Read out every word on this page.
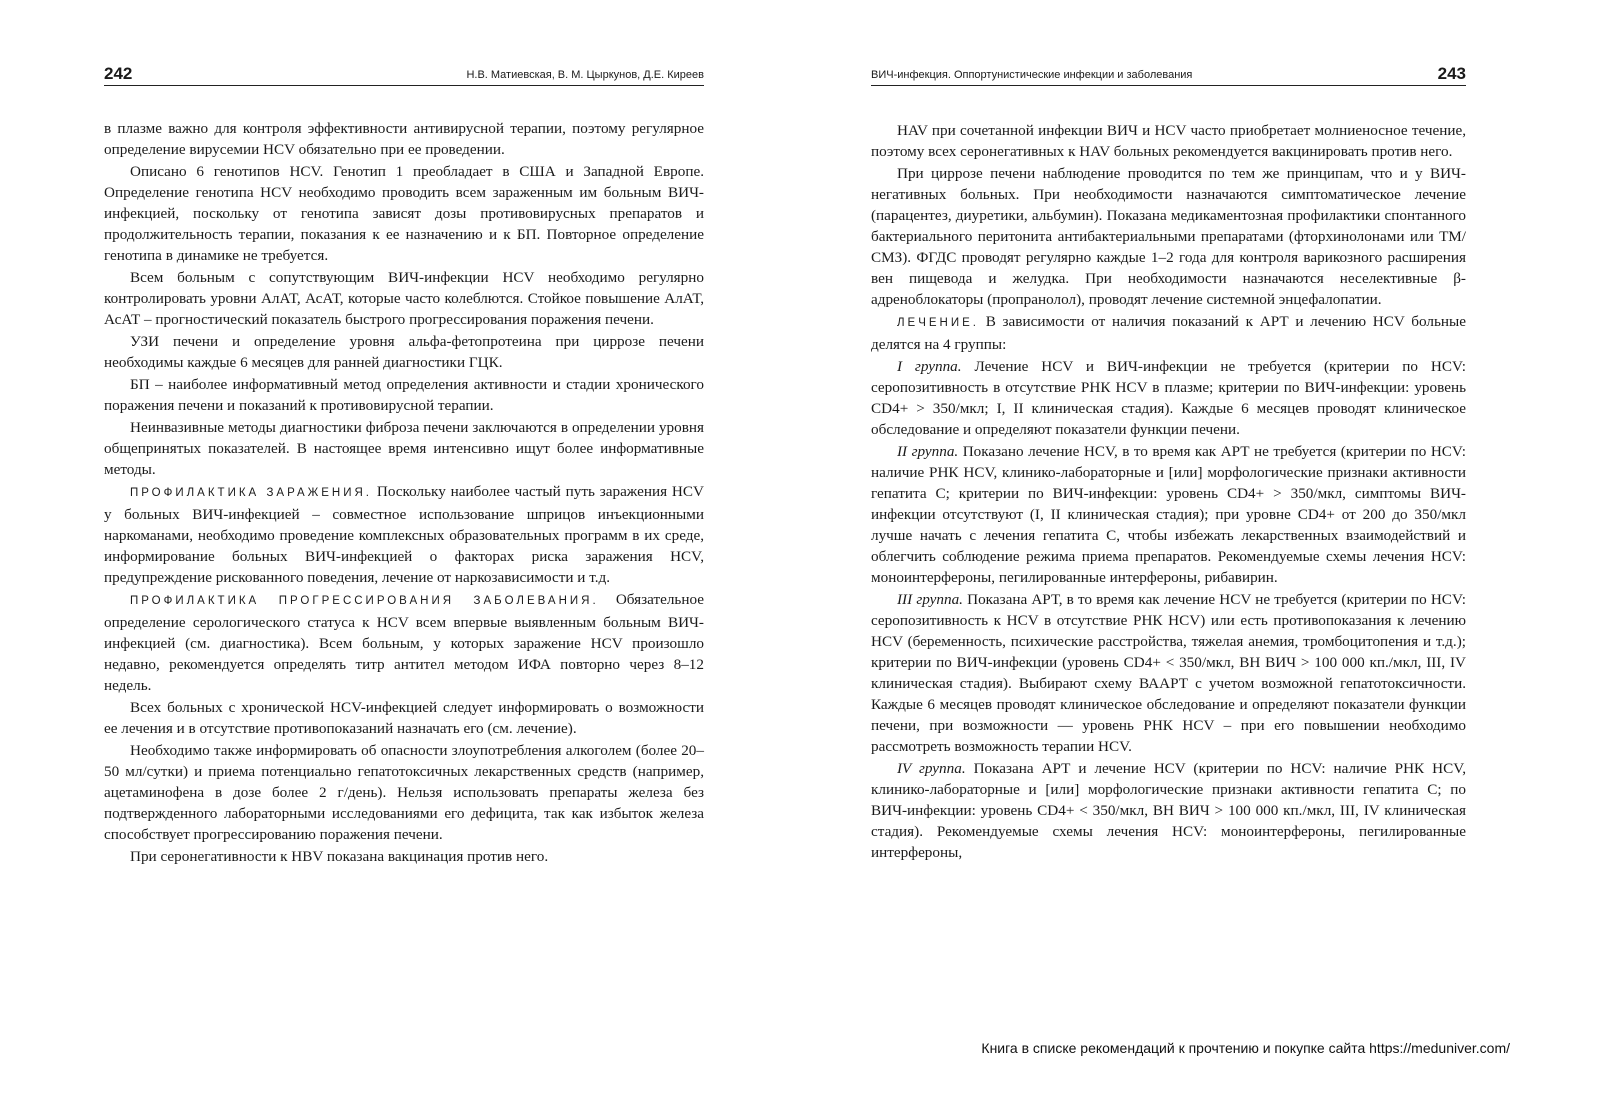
242	Н.В. Матиевская, В. М. Цыркунов, Д.Е. Киреев

в плазме важно для контроля эффективности антивирусной терапии, поэтому регулярное определение вирусемии HCV обязательно при ее проведении.

Описано 6 генотипов HCV. Генотип 1 преобладает в США и Западной Европе. Определение генотипа HCV необходимо проводить всем зараженным им больным ВИЧ-инфекцией, поскольку от генотипа зависят дозы противовирусных препаратов и продолжительность терапии, показания к ее назначению и к БП. Повторное определение генотипа в динамике не требуется.

Всем больным с сопутствующим ВИЧ-инфекции HCV необходимо регулярно контролировать уровни АлАТ, АсАТ, которые часто колеблются. Стойкое повышение АлАТ, АсАТ – прогностический показатель быстрого прогрессирования поражения печени.

УЗИ печени и определение уровня альфа-фетопротеина при циррозе печени необходимы каждые 6 месяцев для ранней диагностики ГЦК.

БП – наиболее информативный метод определения активности и стадии хронического поражения печени и показаний к противовирусной терапии.

Неинвазивные методы диагностики фиброза печени заключаются в определении уровня общепринятых показателей. В настоящее время интенсивно ищут более информативные методы.

ПРОФИЛАКТИКА ЗАРАЖЕНИЯ. Поскольку наиболее частый путь заражения HCV у больных ВИЧ-инфекцией – совместное использование шприцов инъекционными наркоманами, необходимо проведение комплексных образовательных программ в их среде, информирование больных ВИЧ-инфекцией о факторах риска заражения HCV, предупреждение рискованного поведения, лечение от наркозависимости и т.д.

ПРОФИЛАКТИКА ПРОГРЕССИРОВАНИЯ ЗАБОЛЕВАНИЯ. Обязательное определение серологического статуса к HCV всем впервые выявленным больным ВИЧ-инфекцией (см. диагностика). Всем больным, у которых заражение HCV произошло недавно, рекомендуется определять титр антител методом ИФА повторно через 8–12 недель.

Всех больных с хронической HCV-инфекцией следует информировать о возможности ее лечения и в отсутствие противопоказаний назначать его (см. лечение).

Необходимо также информировать об опасности злоупотребления алкоголем (более 20–50 мл/сутки) и приема потенциально гепатотоксичных лекарственных средств (например, ацетаминофена в дозе более 2 г/день). Нельзя использовать препараты железа без подтвержденного лабораторными исследованиями его дефицита, так как избыток железа способствует прогрессированию поражения печени.

При серонегативности к HBV показана вакцинация против него.

ВИЧ-инфекция. Оппортунистические инфекции и заболевания	243

HAV при сочетанной инфекции ВИЧ и HCV часто приобретает молниеносное течение, поэтому всех серонегативных к HAV больных рекомендуется вакцинировать против него.

При циррозе печени наблюдение проводится по тем же принципам, что и у ВИЧ-негативных больных. При необходимости назначаются симптоматическое лечение (парацентез, диуретики, альбумин). Показана медикаментозная профилактики спонтанного бактериального перитонита антибактериальными препаратами (фторхинолонами или ТМ/СМЗ). ФГДС проводят регулярно каждые 1–2 года для контроля варикозного расширения вен пищевода и желудка. При необходимости назначаются неселективные β-адреноблокаторы (пропранолол), проводят лечение системной энцефалопатии.

ЛЕЧЕНИЕ. В зависимости от наличия показаний к АРТ и лечению HCV больные делятся на 4 группы:

I группа. Лечение HCV и ВИЧ-инфекции не требуется (критерии по HCV: серопозитивность в отсутствие РНК HCV в плазме; критерии по ВИЧ-инфекции: уровень CD4+ > 350/мкл; I, II клиническая стадия). Каждые 6 месяцев проводят клиническое обследование и определяют показатели функции печени.

II группа. Показано лечение HCV, в то время как АРТ не требуется (критерии по HCV: наличие РНК HCV, клинико-лабораторные и [или] морфологические признаки активности гепатита С; критерии по ВИЧ-инфекции: уровень CD4+ > 350/мкл, симптомы ВИЧ-инфекции отсутствуют (I, II клиническая стадия); при уровне CD4+ от 200 до 350/мкл лучше начать с лечения гепатита С, чтобы избежать лекарственных взаимодействий и облегчить соблюдение режима приема препаратов. Рекомендуемые схемы лечения HCV: моноинтерфероны, пегилированные интерфероны, рибавирин.

III группа. Показана АРТ, в то время как лечение HCV не требуется (критерии по HCV: серопозитивность к HCV в отсутствие РНК HCV) или есть противопоказания к лечению HCV (беременность, психические расстройства, тяжелая анемия, тромбоцитопения и т.д.); критерии по ВИЧ-инфекции (уровень CD4+ < 350/мкл, ВН ВИЧ > 100 000 кп./мкл, III, IV клиническая стадия). Выбирают схему ВААРТ с учетом возможной гепатотоксичности. Каждые 6 месяцев проводят клиническое обследование и определяют показатели функции печени, при возможности — уровень РНК HCV – при его повышении необходимо рассмотреть возможность терапии HCV.

IV группа. Показана АРТ и лечение HCV (критерии по HCV: наличие РНК HCV, клинико-лабораторные и [или] морфологические признаки активности гепатита С; по ВИЧ-инфекции: уровень CD4+ < 350/мкл, ВН ВИЧ > 100 000 кп./мкл, III, IV клиническая стадия). Рекомендуемые схемы лечения HCV: моноинтерфероны, пегилированные интерфероны,

Книга в списке рекомендаций к прочтению и покупке сайта https://meduniver.com/
